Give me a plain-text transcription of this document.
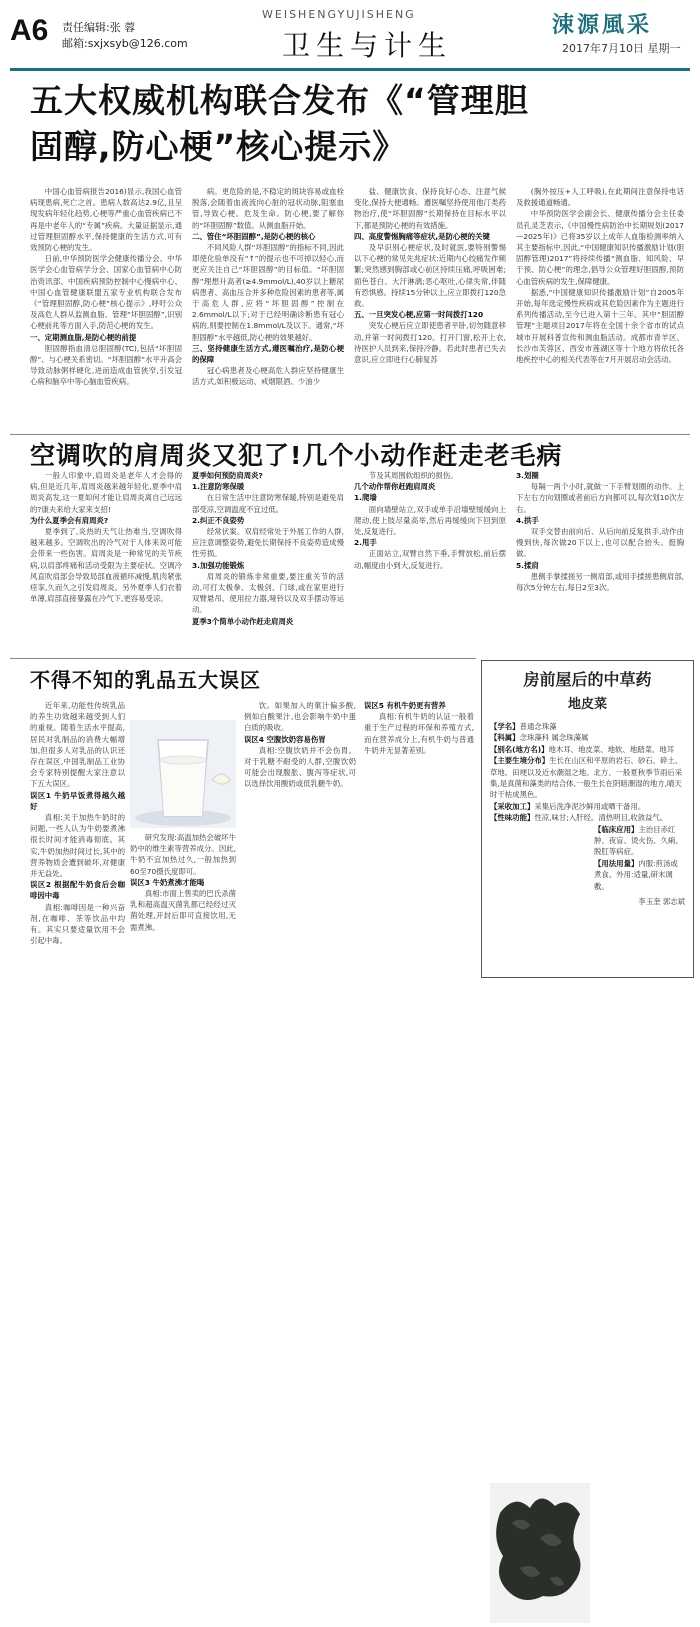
A6 责任编辑:张 蓉
邮箱:sxjxsyb@126.com
WEISHENGYUJISHENG
卫生与计生
涑源風采
2017年7月10日 星期一
五大权威机构联合发布《“管理胆
固醇,防心梗”核心提示》

中国心血管病报告2016)显示,我国心血管病现患病,死亡之首。患病人数高达2.9亿,且呈现发病年轻化趋势,心梗等严重心血管疾病已不再是中老年人的“专属”疾病。大量证据显示,通过管理胆固醇水平,保持健康的生活方式,可有效预防心梗的发生。

日前,中华预防医学会健康传播分会、中华医学会心血管病学分会、国家心血管病中心防治资讯部、中国疾病预防控制中心慢病中心、中国心血管健康联盟五家专业机构联合发布《“管理胆固醇,防心梗”核心提示》,呼吁公众及高危人群从监测血脂、管理“坏胆固醇”,识别心梗前兆等方面入手,防范心梗的发生。

一、定期测血脂,是防心梗的前提

胆固醇指血清总胆固醇(TC),包括“坏胆固醇”、与心梗关系密切。“坏胆固醇”水平升高会导致动脉粥样硬化,进而造成血管狭窄,引发冠心病和脑卒中等心脑血管疾病。

病。更危险的是,不稳定的斑块容易或血栓脱落,会随着血液流向心脏的冠状动脉,阻塞血管,导致心梗。危及生命。防心梗,要了解你的“坏胆固醇”数值。从测血脂开始。

二、管住“坏胆固醇”,是防心梗的核心

不同风险人群“坏胆固醇”的指标不同,因此即使化验单没有“↑”的提示也不可掉以轻心,而更应关注自己“坏胆固醇”的目标值。“坏胆固醇”理想升高者(≥4.9mmol/L),40岁以上糖尿病患者、高血压合并多种危险因素的患者等,属于高危人群,应将“坏胆固醇”控制在2.6mmol/L以下;对于已经明确诊断患有冠心病的,则要控制在1.8mmol/L及以下。通常,“坏胆固醇”水平越低,防心梗的效果越好。

三、坚持健康生活方式,遵医嘱治疗,是防心梗的保障

冠心病患者及心梗高危人群应坚持健康生活方式,如积极运动、戒烟限酒、少油少

盐、健康饮食、保持良好心态、注意气候变化,保持大便通畅。遵医嘱坚持使用他汀类药物治疗,使“坏胆固醇”长期保持在目标水平以下,都是预防心梗的有效措施。

四、高度警惕胸痛等症状,是防心梗的关键

及早识别心梗症状,及时就医,要特别警惕以下心梗的常见先兆症状:近期内心绞痛发作频繁;突然感到胸部或心前区持续压痛,呼吸困难;面色苍白、大汗淋漓;恶心呕吐,心律失常,伴随有恐惧感。持续15分钟以上,应立即拨打120急救。

五、一旦突发心梗,应第一时间拨打120

突发心梗后应立即使患者平卧,切勿随意移动,并第一时间拨打120。打开门窗,松开上衣,待医护人员到来,保持冷静。若此时患者已失去意识,应立即进行心肺复苏

(胸外按压+人工呼吸),在此期间注意保持电话及救援通道畅通。

中华预防医学会副会长、健康传播分会主任委员孔灵芝表示,《中国慢性病防治中长期规划(2017—2025年)》已将35岁以上成年人血脂检测率纳入其主要指标中,因此,“中国健康知识传播激励计划(胆固醇管理)2017”将持续传播“测血脂、知风险、早干预、防心梗”的理念,倡导公众管理好胆固醇,预防心血管疾病的发生,保障健康。

据悉,“中国健康知识传播激励计划”自2005年开始,每年选定慢性疾病或其危险因素作为主题进行系列传播活动,至今已进入第十三年。其中“胆固醇管理”主题项目2017年将在全国十余个省市的试点城市开展科普宣传和测血脂活动。成都市青羊区、长沙市芙蓉区、西安市莲湖区等十个地方将依托各地疾控中心的相关代表等在7月开展启动会活动。

空调吹的肩周炎又犯了!几个小动作赶走老毛病

一般人印象中,肩周炎是老年人才会得的病,但是近几年,肩周炎越来越年轻化,夏季中肩周炎高发,这一夏如何才能让肩周炎离自己远远的?康夫来给大家来支招!

为什么夏季会有肩周炎?

夏季到了,炎热的天气让热难当,空调吹得越来越多。空调吹出的冷气对于人体来说可能会带来一些伤害。肩周炎是一种常见的关节疾病,以肩部疼痛和活动受限为主要症状。空调冷风直吹肩部会导致局部血液循环减慢,肌肉紧张痉挛,久而久之引发肩周炎。另外夏季人们衣着单薄,肩部直接暴露在冷气下,更容易受凉。

夏季如何预防肩周炎?

1.注意防寒保暖

在日常生活中注意防寒保暖,特别是避免肩部受凉,空调温度不宜过低。

2.纠正不良姿势

经常伏案、双肩经常处于外展工作的人群,应注意调整姿势,避免长期保持不良姿势造成慢性劳损。

3.加强功能锻炼

肩周炎的锻炼非常重要,要注重关节的活动,可打太极拳、太极剑、门球,或在家里进行双臂悬吊、使用拉力器,哑铃以及双手摆动等运动。

夏季3个简单小动作赶走肩周炎

节及其周围软组织的损伤。

几个动作帮你赶跑肩周炎

1.爬墙

面向墙壁站立,双手或单手沿墙壁缓缓向上爬动,使上肢尽量高举,然后再缓缓向下回到原处,反复进行。

2.甩手

正面站立,双臂自然下垂,手臂放松,前后摆动,幅度由小到大,反复进行。

3.划圈

每隔一两个小时,就做一下手臂划圈的动作。上下左右方向划圈或者前后方向都可以,每次划10次左右。

4.拱手

双手交替由前向后、从后向前反复拱手,动作由慢到快,每次做20下以上,也可以配合抬头、挺胸做。

5.揉肩

患侧手掌揉搓另一侧肩部,或用手揉搓患侧肩部,每次5分钟左右,每日2至3次。

不得不知的乳品五大误区

近年来,功能性传统乳品的养生功效越来越受到人们的重视。随着生活水平提高,居民对乳制品的消费大幅增加,但很多人对乳品的认识还存在误区,中国乳制品工业协会专家特别提醒大家注意以下五大误区。

误区1 牛奶早饭煮得越久越好

真相:关于加热牛奶时的问题,一些人认为牛奶要煮沸很长时间才能消毒彻底。其实,牛奶加热时间过长,其中的营养物质会遭到破坏,对健康并无益处。

误区2 根据配牛奶食后会咖啡因中毒

真相:咖啡因是一种兴奋剂,在咖啡、茶等饮品中均有。其实只要适量饮用不会引起中毒。

研究发现:高温加热会破坏牛奶中的维生素等营养成分。因此,牛奶不宜加热过久,一般加热到60至70摄氏度即可。

误区3 牛奶煮沸才能喝

真相:市面上售卖的巴氏杀菌乳和超高温灭菌乳都已经经过灭菌处理,开封后即可直接饮用,无需煮沸。

饮。如果加入的菓汁偏多酸,例如白酸果汁,也会影响牛奶中蛋白质的吸收。

误区4 空腹饮奶容易伤胃

真相:空腹饮奶并不会伤胃。对于乳糖不耐受的人群,空腹饮奶可能会出现腹胀、腹泻等症状,可以选择饮用酸奶或低乳糖牛奶。

误区5 有机牛奶更有营养

真相:有机牛奶的认证一般着重于生产过程的环保和养殖方式,而在营养成分上,有机牛奶与普通牛奶并无显著差别。

房前屋后的中草药
地皮菜

【学名】普通念珠藻

【科属】念珠藻科 属念珠藻属

【别名(地方名)】地木耳、地皮菜、地软、地踏菜、地耳

【主要生境分布】生长在山区和平原的岩石、砂石、碎土、草地、田埂以及近水潮湿之地。北方、一般夏秋季节雨后采集,是真菌和藻类的结合体,一般生长在阴暗潮湿的地方,晴天时干枯成黑色。

【采收加工】采集后洗净泥沙鲜用或晒干备用。

【性味功能】性凉,味甘;入肝经。清热明目,收敛益气。

【临床应用】主治目赤红肿、夜盲、烫火伤、久痢、脱肛等病症。

【用法用量】内服:煎汤或煮食。外用:适量,研末调敷。

李玉奎 郭志斌
